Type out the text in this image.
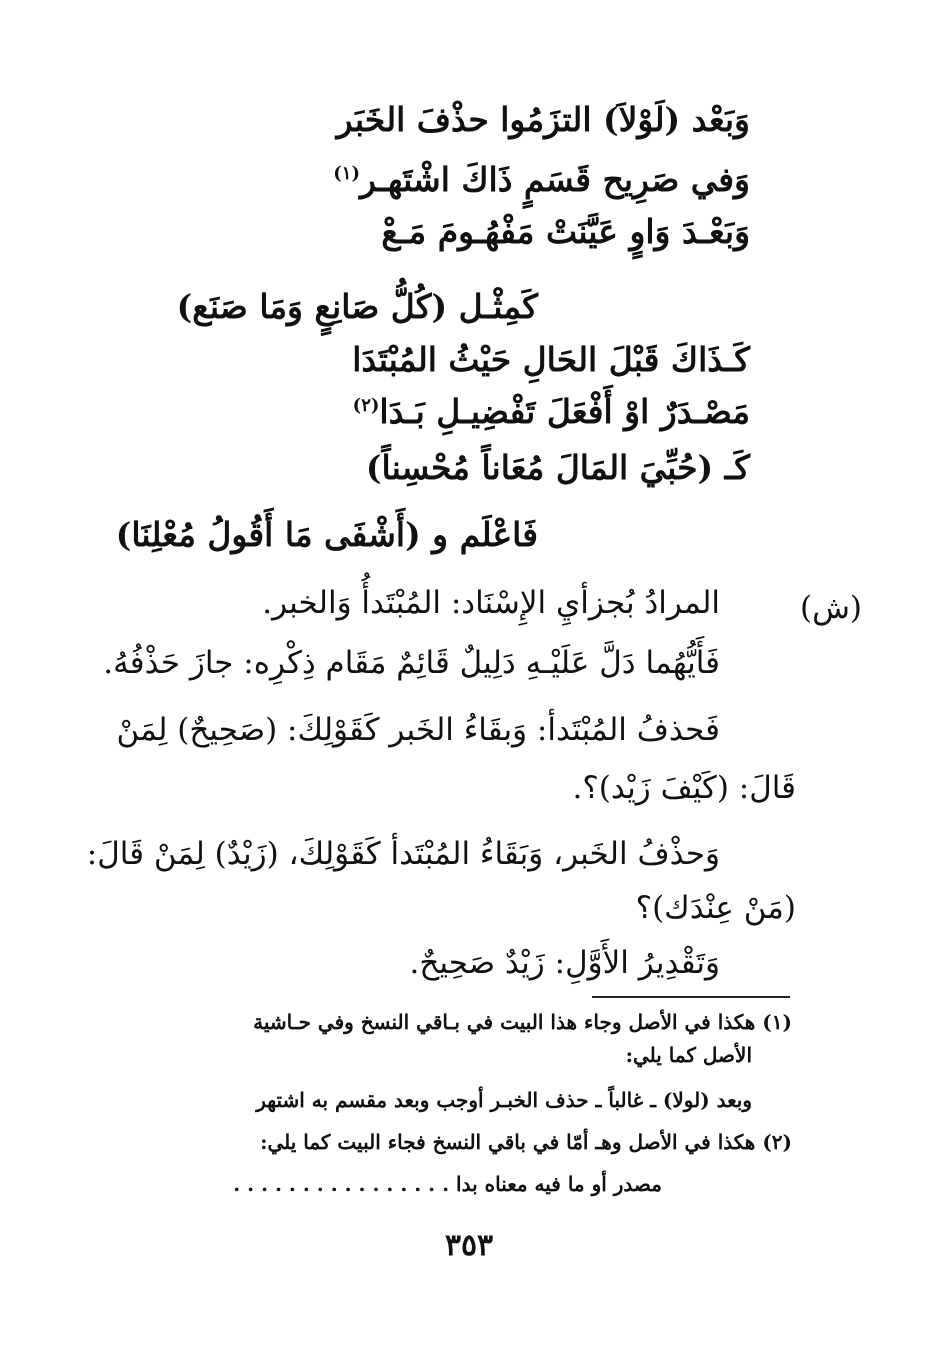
وَبَعْد (لَوْلاَ) التزَمُوا حذْفَ الخَبَر
وَفي صَرِيح قَسَمٍ ذَاكَ اشْتَهـر$^{(١)}$
وَبَعْـدَ وَاوٍ عَيَّنَتْ مَفْهُـومَ مَـعْ
كَمِثْـل (كُلُّ صَانِعٍ وَمَا صَنَع)
كَـذَاكَ قَبْلَ الحَالِ حَيْثُ المُبْتَدَا
مَصْـدَرٌ اوْ أَفْعَلَ تَفْضِيـلِ بَـدَا$^{(٢)}$
كَـ (حُبِّيَ المَالَ مُعَاناً مُحْسِناً)
فَاعْلَم و (أَشْفَى مَا أَقُولُ مُعْلِنَا)
(ش)
المرادُ بُجزأيِ الإِسْنَاد: المُبْتَدأُ وَالخبر.
فَأَيُّهُما دَلَّ عَلَيْـهِ دَلِيلٌ قَائِمٌ مَقَام ذِكْرِه: جازَ حَذْفُهُ.
فَحذفُ المُبْتَدأ: وَبقَاءُ الخَبر كَقَوْلِكَ: (صَحِيحٌ) لِمَنْ
قَالَ: (كَيْفَ زَيْد)؟.
وَحذْفُ الخَبر، وَبَقَاءُ المُبْتَدأ كَقَوْلِكَ، (زَيْدٌ) لِمَنْ قَالَ:
(مَنْ عِنْدَك)؟
وَتَقْدِيرُ الأَوَّلِ: زَيْدٌ صَحِيحٌ.
(١) هكذا في الأصل وجاء هذا البيت في بـاقي النسخ وفي حـاشية
الأصل كما يلي:
وبعد (لولا) ـ غالباً ـ حذف الخبـر أوجب وبعد مقسم به اشتهر
(٢) هكذا في الأصل وهـ أمّا في باقي النسخ فجاء البيت كما يلي:
مصدر أو ما فيه معناه بدا . . . . . . . . . . . . . . . .
٣٥٣
